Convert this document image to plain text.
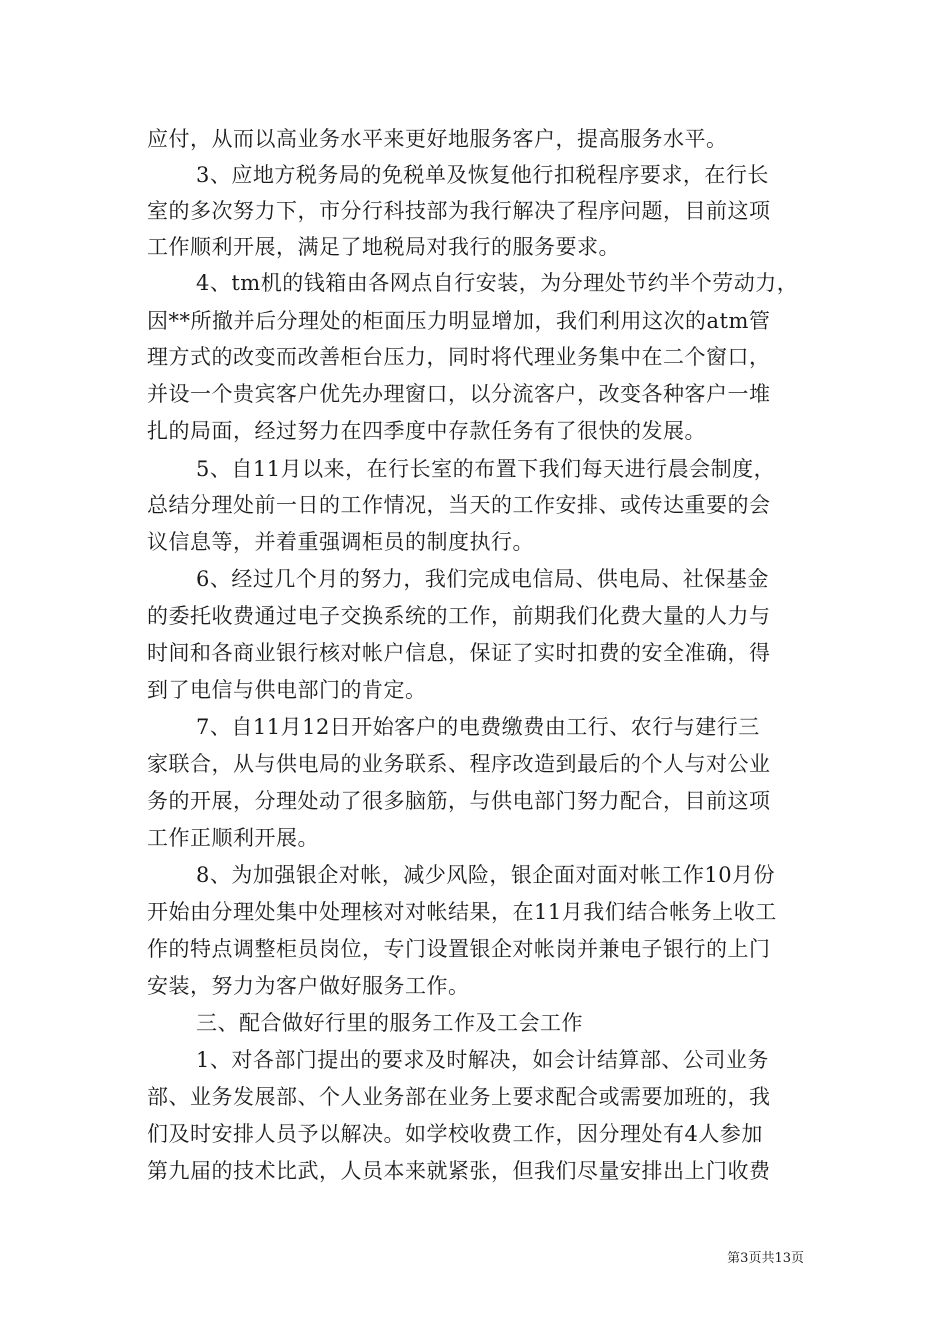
应付，从而以高业务水平来更好地服务客户，提高服务水平。
3、应地方税务局的免税单及恢复他行扣税程序要求，在行长
室的多次努力下，市分行科技部为我行解决了程序问题，目前这项
工作顺利开展，满足了地税局对我行的服务要求。
4、tm机的钱箱由各网点自行安装，为分理处节约半个劳动力，
因**所撤并后分理处的柜面压力明显增加，我们利用这次的atm管
理方式的改变而改善柜台压力，同时将代理业务集中在二个窗口，
并设一个贵宾客户优先办理窗口，以分流客户，改变各种客户一堆
扎的局面，经过努力在四季度中存款任务有了很快的发展。
5、自11月以来，在行长室的布置下我们每天进行晨会制度，
总结分理处前一日的工作情况，当天的工作安排、或传达重要的会
议信息等，并着重强调柜员的制度执行。
6、经过几个月的努力，我们完成电信局、供电局、社保基金
的委托收费通过电子交换系统的工作，前期我们化费大量的人力与
时间和各商业银行核对帐户信息，保证了实时扣费的安全准确，得
到了电信与供电部门的肯定。
7、自11月12日开始客户的电费缴费由工行、农行与建行三
家联合，从与供电局的业务联系、程序改造到最后的个人与对公业
务的开展，分理处动了很多脑筋，与供电部门努力配合，目前这项
工作正顺利开展。
8、为加强银企对帐，减少风险，银企面对面对帐工作10月份
开始由分理处集中处理核对对帐结果，在11月我们结合帐务上收工
作的特点调整柜员岗位，专门设置银企对帐岗并兼电子银行的上门
安装，努力为客户做好服务工作。
三、配合做好行里的服务工作及工会工作
1、对各部门提出的要求及时解决，如会计结算部、公司业务
部、业务发展部、个人业务部在业务上要求配合或需要加班的，我
们及时安排人员予以解决。如学校收费工作，因分理处有4人参加
第九届的技术比武，人员本来就紧张，但我们尽量安排出上门收费
第3页共13页
